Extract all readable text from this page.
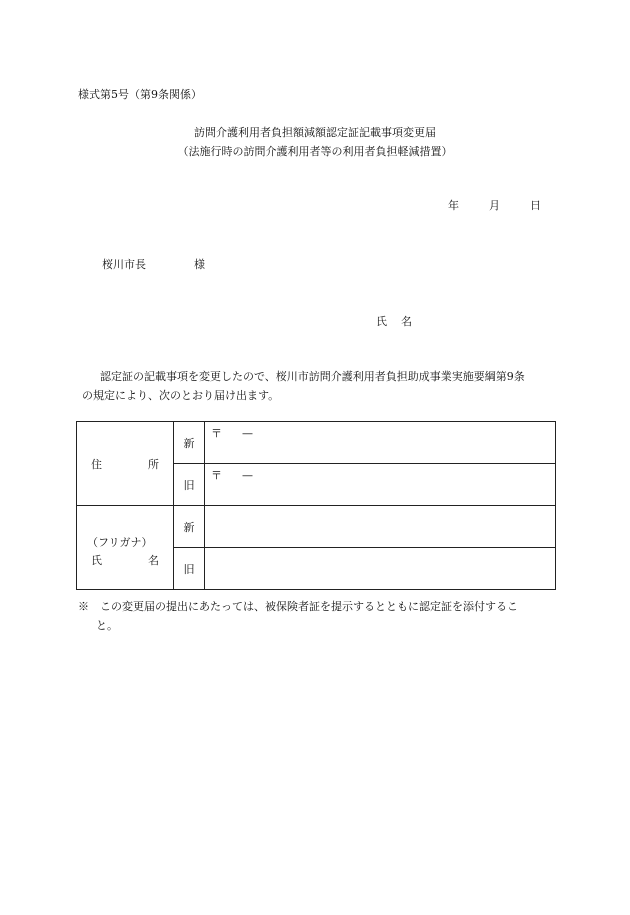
様式第5号（第9条関係）
訪問介護利用者負担額減額認定証記載事項変更届
（法施行時の訪問介護利用者等の利用者負担軽減措置）
年	月	日
桜川市長	様
氏 名

認定証の記載事項を変更したので、桜川市訪問介護利用者負担助成事業実施要綱第9条

の規定により、次のとおり届け出ます。

住 所	新	〒 —
	旧	〒 —

（フリガナ）
氏 名	新	
	旧	

※　この変更届の提出にあたっては、被保険者証を提示するとともに認定証を添付するこ

と。
